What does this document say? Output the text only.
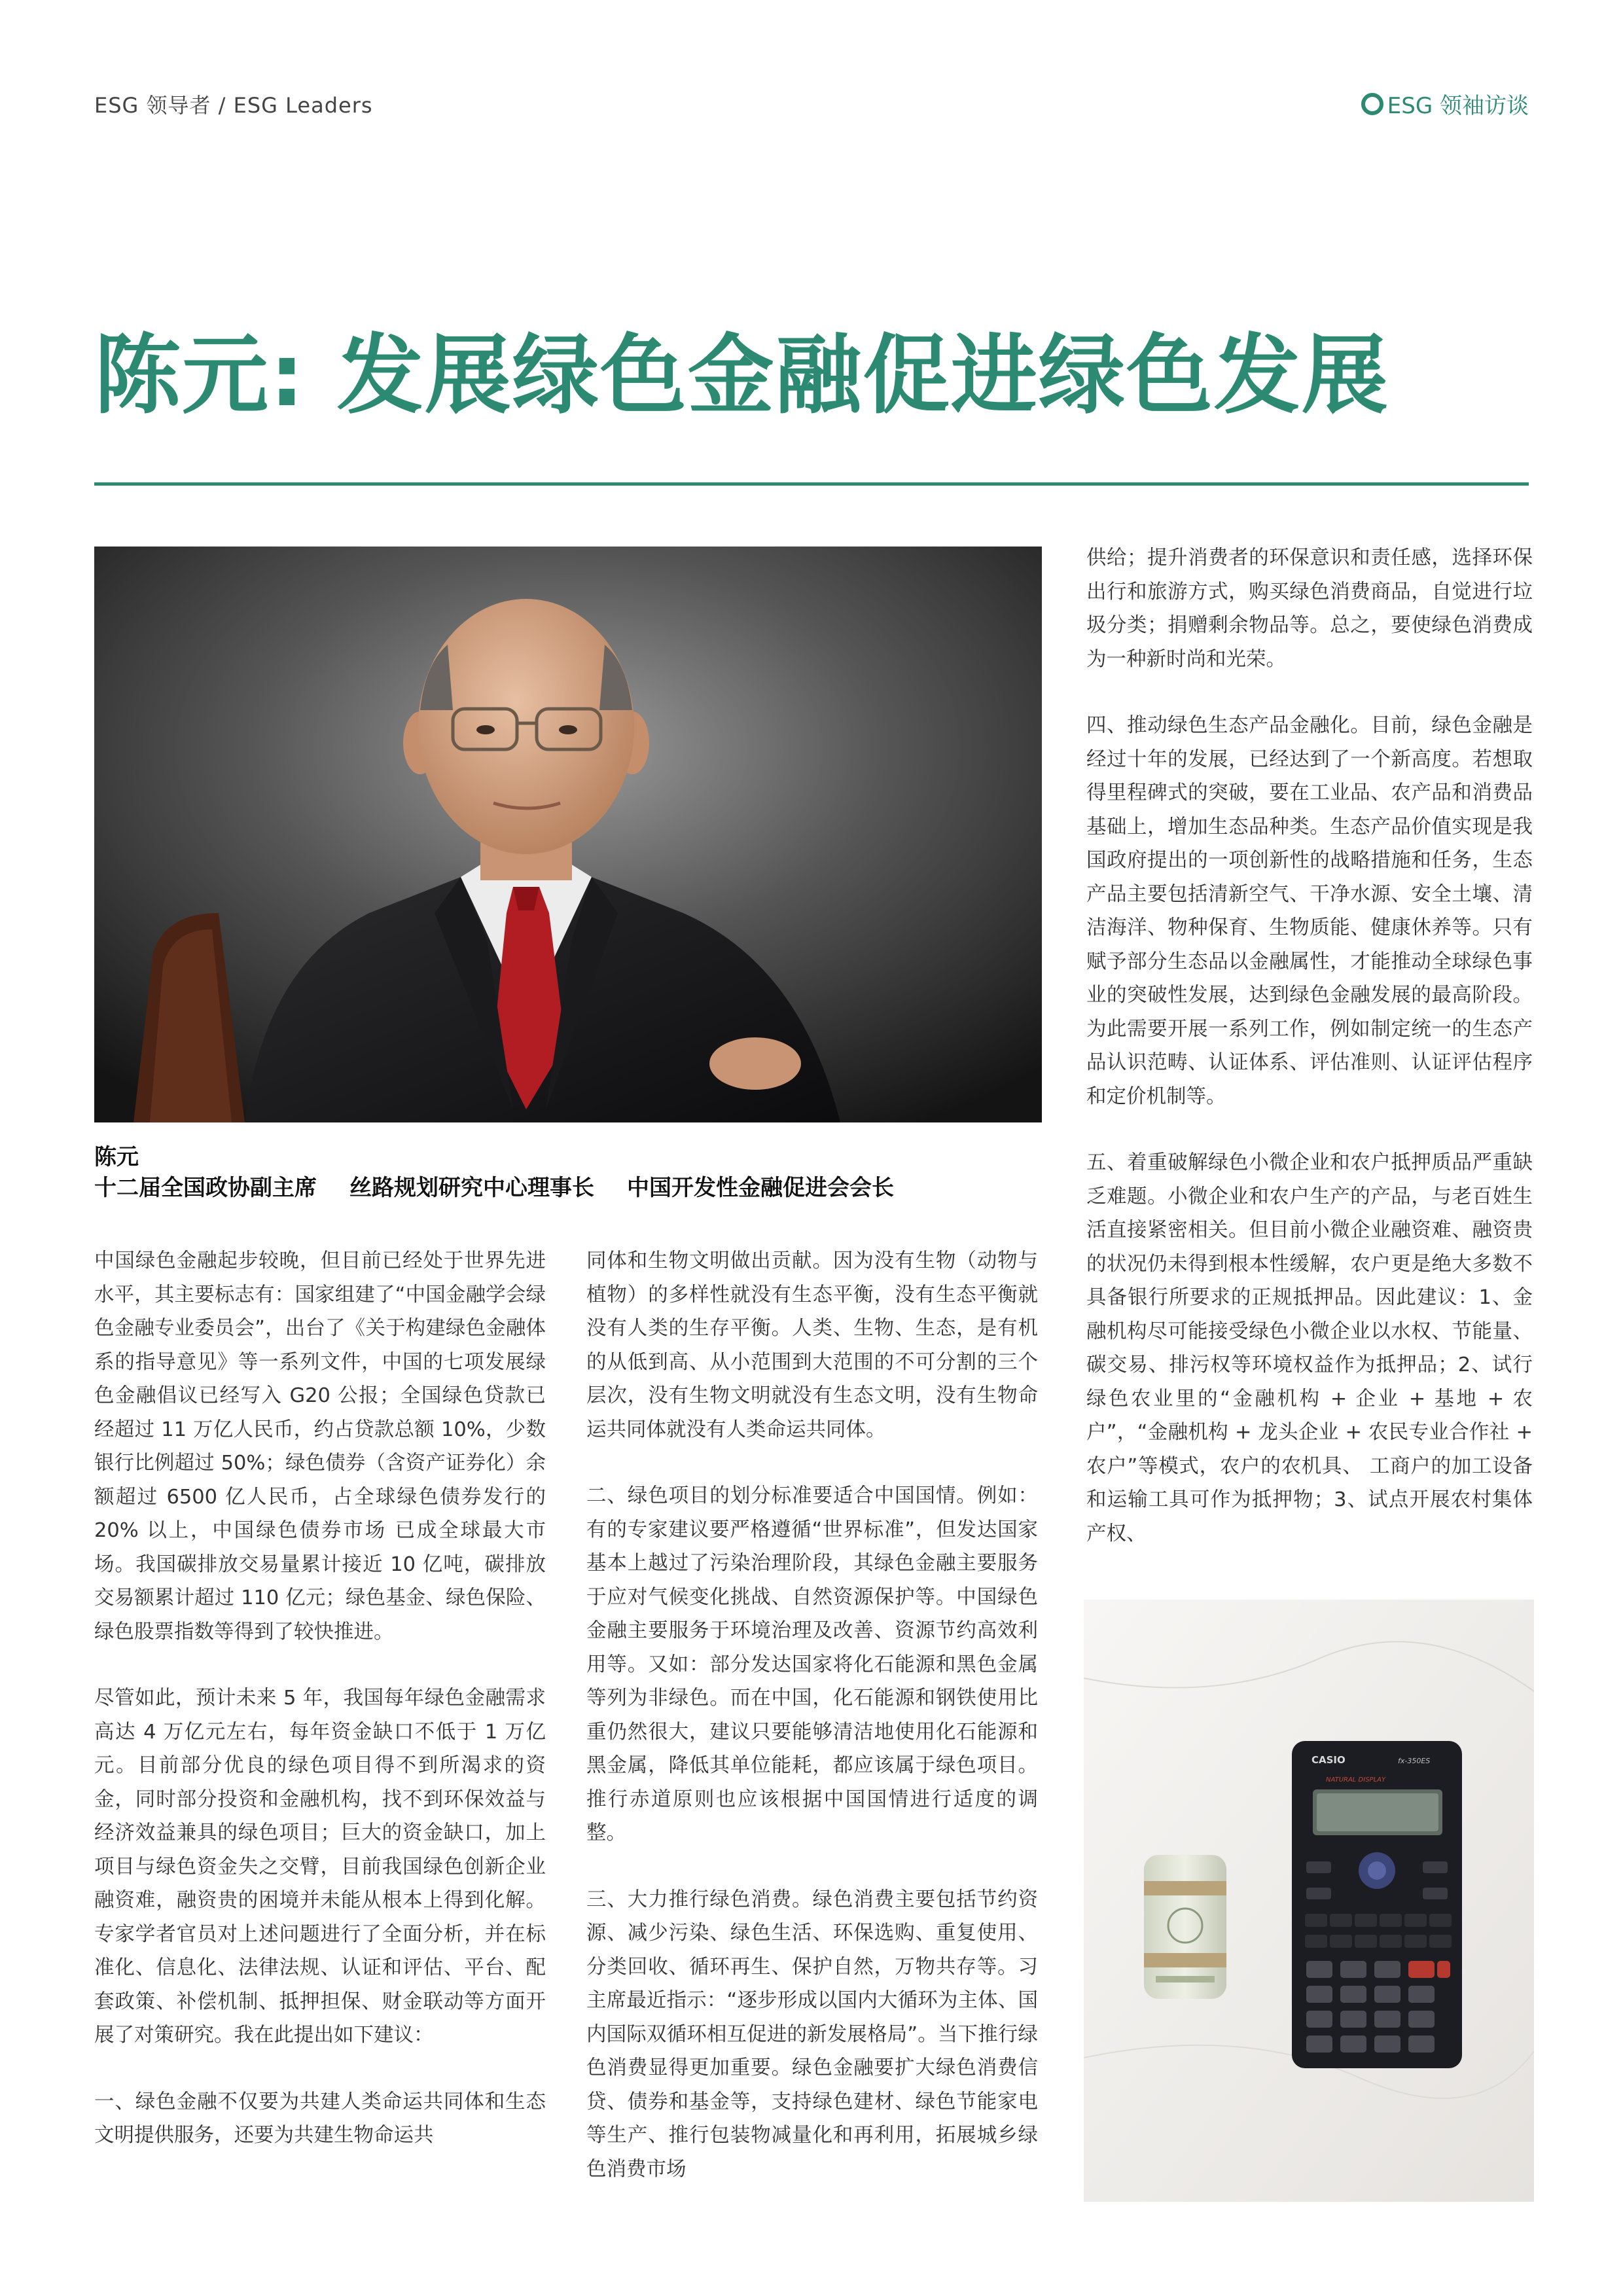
ESG 领导者 / ESG Leaders	ESG 领袖访谈
陈元: 发展绿色金融促进绿色发展
陈元
十二届全国政协副主席 丝路规划研究中心理事长 中国开发性金融促进会会长

中国绿色金融起步较晚，但目前已经处于世界先进水平，其主要标志有：国家组建了“中国金融学会绿色金融专业委员会”，出台了《关于构建绿色金融体系的指导意见》等一系列文件，中国的七项发展绿色金融倡议已经写入 G20 公报；全国绿色贷款已经超过 11 万亿人民币，约占贷款总额 10%，少数银行比例超过 50%；绿色债券（含资产证券化）余额超过 6500 亿人民币，占全球绿色债券发行的 20% 以上，中国绿色债券市场 已成全球最大市场。我国碳排放交易量累计接近 10 亿吨，碳排放交易额累计超过 110 亿元；绿色基金、绿色保险、绿色股票指数等得到了较快推进。

尽管如此，预计未来 5 年，我国每年绿色金融需求高达 4 万亿元左右，每年资金缺口不低于 1 万亿元。目前部分优良的绿色项目得不到所渴求的资金，同时部分投资和金融机构，找不到环保效益与经济效益兼具的绿色项目；巨大的资金缺口，加上项目与绿色资金失之交臂，目前我国绿色创新企业融资难，融资贵的困境并未能从根本上得到化解。专家学者官员对上述问题进行了全面分析，并在标准化、信息化、法律法规、认证和评估、平台、配套政策、补偿机制、抵押担保、财金联动等方面开展了对策研究。我在此提出如下建议：

一、绿色金融不仅要为共建人类命运共同体和生态文明提供服务，还要为共建生物命运共

同体和生物文明做出贡献。因为没有生物（动物与植物）的多样性就没有生态平衡，没有生态平衡就没有人类的生存平衡。人类、生物、生态，是有机的从低到高、从小范围到大范围的不可分割的三个层次，没有生物文明就没有生态文明，没有生物命运共同体就没有人类命运共同体。

二、绿色项目的划分标准要适合中国国情。例如：有的专家建议要严格遵循“世界标准”，但发达国家基本上越过了污染治理阶段，其绿色金融主要服务于应对气候变化挑战、自然资源保护等。中国绿色金融主要服务于环境治理及改善、资源节约高效利用等。又如：部分发达国家将化石能源和黑色金属等列为非绿色。而在中国，化石能源和钢铁使用比重仍然很大，建议只要能够清洁地使用化石能源和黑金属，降低其单位能耗，都应该属于绿色项目。推行赤道原则也应该根据中国国情进行适度的调整。

三、大力推行绿色消费。绿色消费主要包括节约资源、减少污染、绿色生活、环保选购、重复使用、分类回收、循环再生、保护自然，万物共存等。习主席最近指示：“逐步形成以国内大循环为主体、国内国际双循环相互促进的新发展格局”。当下推行绿色消费显得更加重要。绿色金融要扩大绿色消费信贷、债券和基金等，支持绿色建材、绿色节能家电等生产、推行包装物减量化和再利用，拓展城乡绿色消费市场

供给；提升消费者的环保意识和责任感，选择环保出行和旅游方式，购买绿色消费商品，自觉进行垃圾分类；捐赠剩余物品等。总之，要使绿色消费成为一种新时尚和光荣。

四、推动绿色生态产品金融化。目前，绿色金融是经过十年的发展，已经达到了一个新高度。若想取得里程碑式的突破，要在工业品、农产品和消费品基础上，增加生态品种类。生态产品价值实现是我国政府提出的一项创新性的战略措施和任务，生态产品主要包括清新空气、干净水源、安全土壤、清洁海洋、物种保育、生物质能、健康休养等。只有赋予部分生态品以金融属性，才能推动全球绿色事业的突破性发展，达到绿色金融发展的最高阶段。为此需要开展一系列工作，例如制定统一的生态产品认识范畴、认证体系、评估准则、认证评估程序和定价机制等。

五、着重破解绿色小微企业和农户抵押质品严重缺乏难题。小微企业和农户生产的产品，与老百姓生活直接紧密相关。但目前小微企业融资难、融资贵的状况仍未得到根本性缓解，农户更是绝大多数不具备银行所要求的正规抵押品。因此建议：1、金融机构尽可能接受绿色小微企业以水权、节能量、碳交易、排污权等环境权益作为抵押品；2、试行绿色农业里的“金融机构 + 企业 + 基地 + 农户”，“金融机构 + 龙头企业 + 农民专业合作社 + 农户”等模式，农户的农机具、 工商户的加工设备和运输工具可作为抵押物；3、试点开展农村集体产权、

CASIO	fx-350ES
NATURAL DISPLAY
